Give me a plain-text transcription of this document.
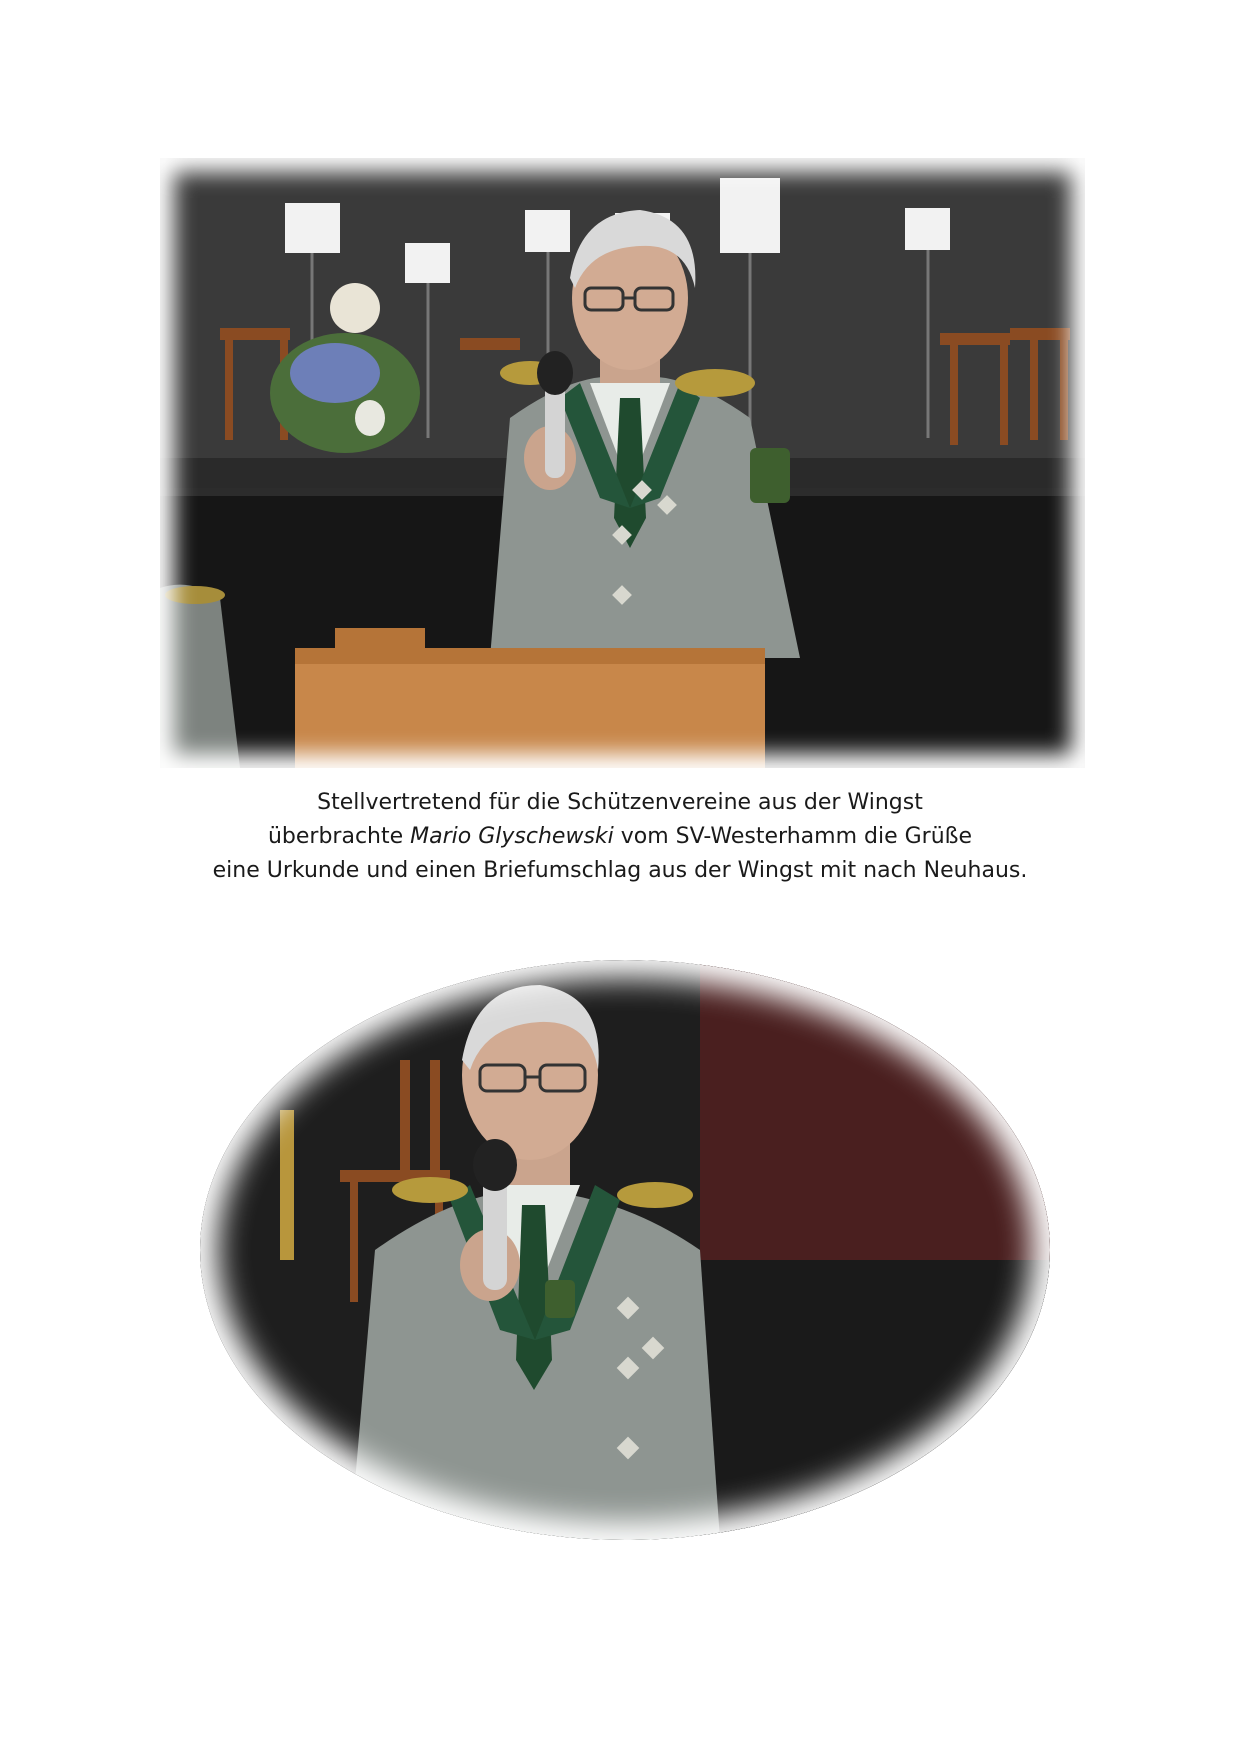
Stellvertretend für die Schützenvereine aus der Wingst
überbrachte Mario Glyschewski vom SV-Westerhamm die Grüße
eine Urkunde und einen Briefumschlag aus der Wingst mit nach Neuhaus.
